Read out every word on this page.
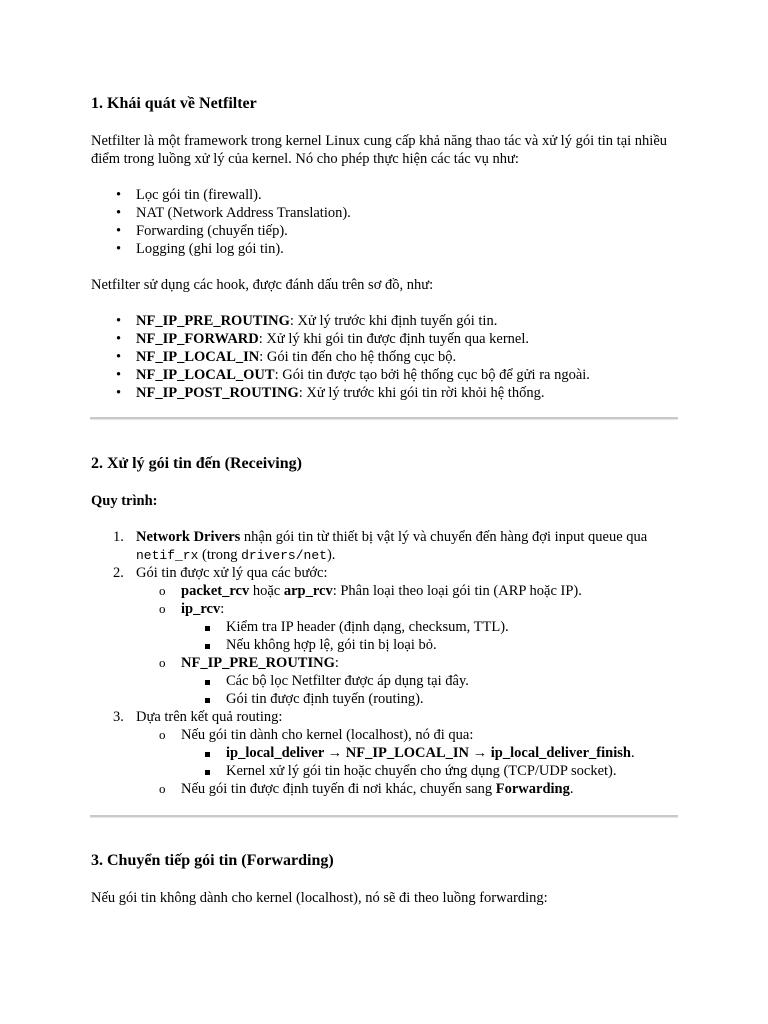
1. Khái quát về Netfilter

Netfilter là một framework trong kernel Linux cung cấp khả năng thao tác và xử lý gói tin tại nhiều điểm trong luồng xử lý của kernel. Nó cho phép thực hiện các tác vụ như:

• Lọc gói tin (firewall).
• NAT (Network Address Translation).
• Forwarding (chuyển tiếp).
• Logging (ghi log gói tin).

Netfilter sử dụng các hook, được đánh dấu trên sơ đồ, như:

• NF_IP_PRE_ROUTING: Xử lý trước khi định tuyến gói tin.
• NF_IP_FORWARD: Xử lý khi gói tin được định tuyến qua kernel.
• NF_IP_LOCAL_IN: Gói tin đến cho hệ thống cục bộ.
• NF_IP_LOCAL_OUT: Gói tin được tạo bởi hệ thống cục bộ để gửi ra ngoài.
• NF_IP_POST_ROUTING: Xử lý trước khi gói tin rời khỏi hệ thống.
2. Xử lý gói tin đến (Receiving)

Quy trình:

1. Network Drivers nhận gói tin từ thiết bị vật lý và chuyển đến hàng đợi input queue qua
netif_rx (trong drivers/net).
2. Gói tin được xử lý qua các bước:
o packet_rcv hoặc arp_rcv: Phân loại theo loại gói tin (ARP hoặc IP).
o ip_rcv:
Kiểm tra IP header (định dạng, checksum, TTL).
Nếu không hợp lệ, gói tin bị loại bỏ.
o NF_IP_PRE_ROUTING:
Các bộ lọc Netfilter được áp dụng tại đây.
Gói tin được định tuyến (routing).
3. Dựa trên kết quả routing:
o Nếu gói tin dành cho kernel (localhost), nó đi qua:
ip_local_deliver → NF_IP_LOCAL_IN → ip_local_deliver_finish.
Kernel xử lý gói tin hoặc chuyển cho ứng dụng (TCP/UDP socket).
o Nếu gói tin được định tuyến đi nơi khác, chuyển sang Forwarding.
3. Chuyển tiếp gói tin (Forwarding)

Nếu gói tin không dành cho kernel (localhost), nó sẽ đi theo luồng forwarding:
